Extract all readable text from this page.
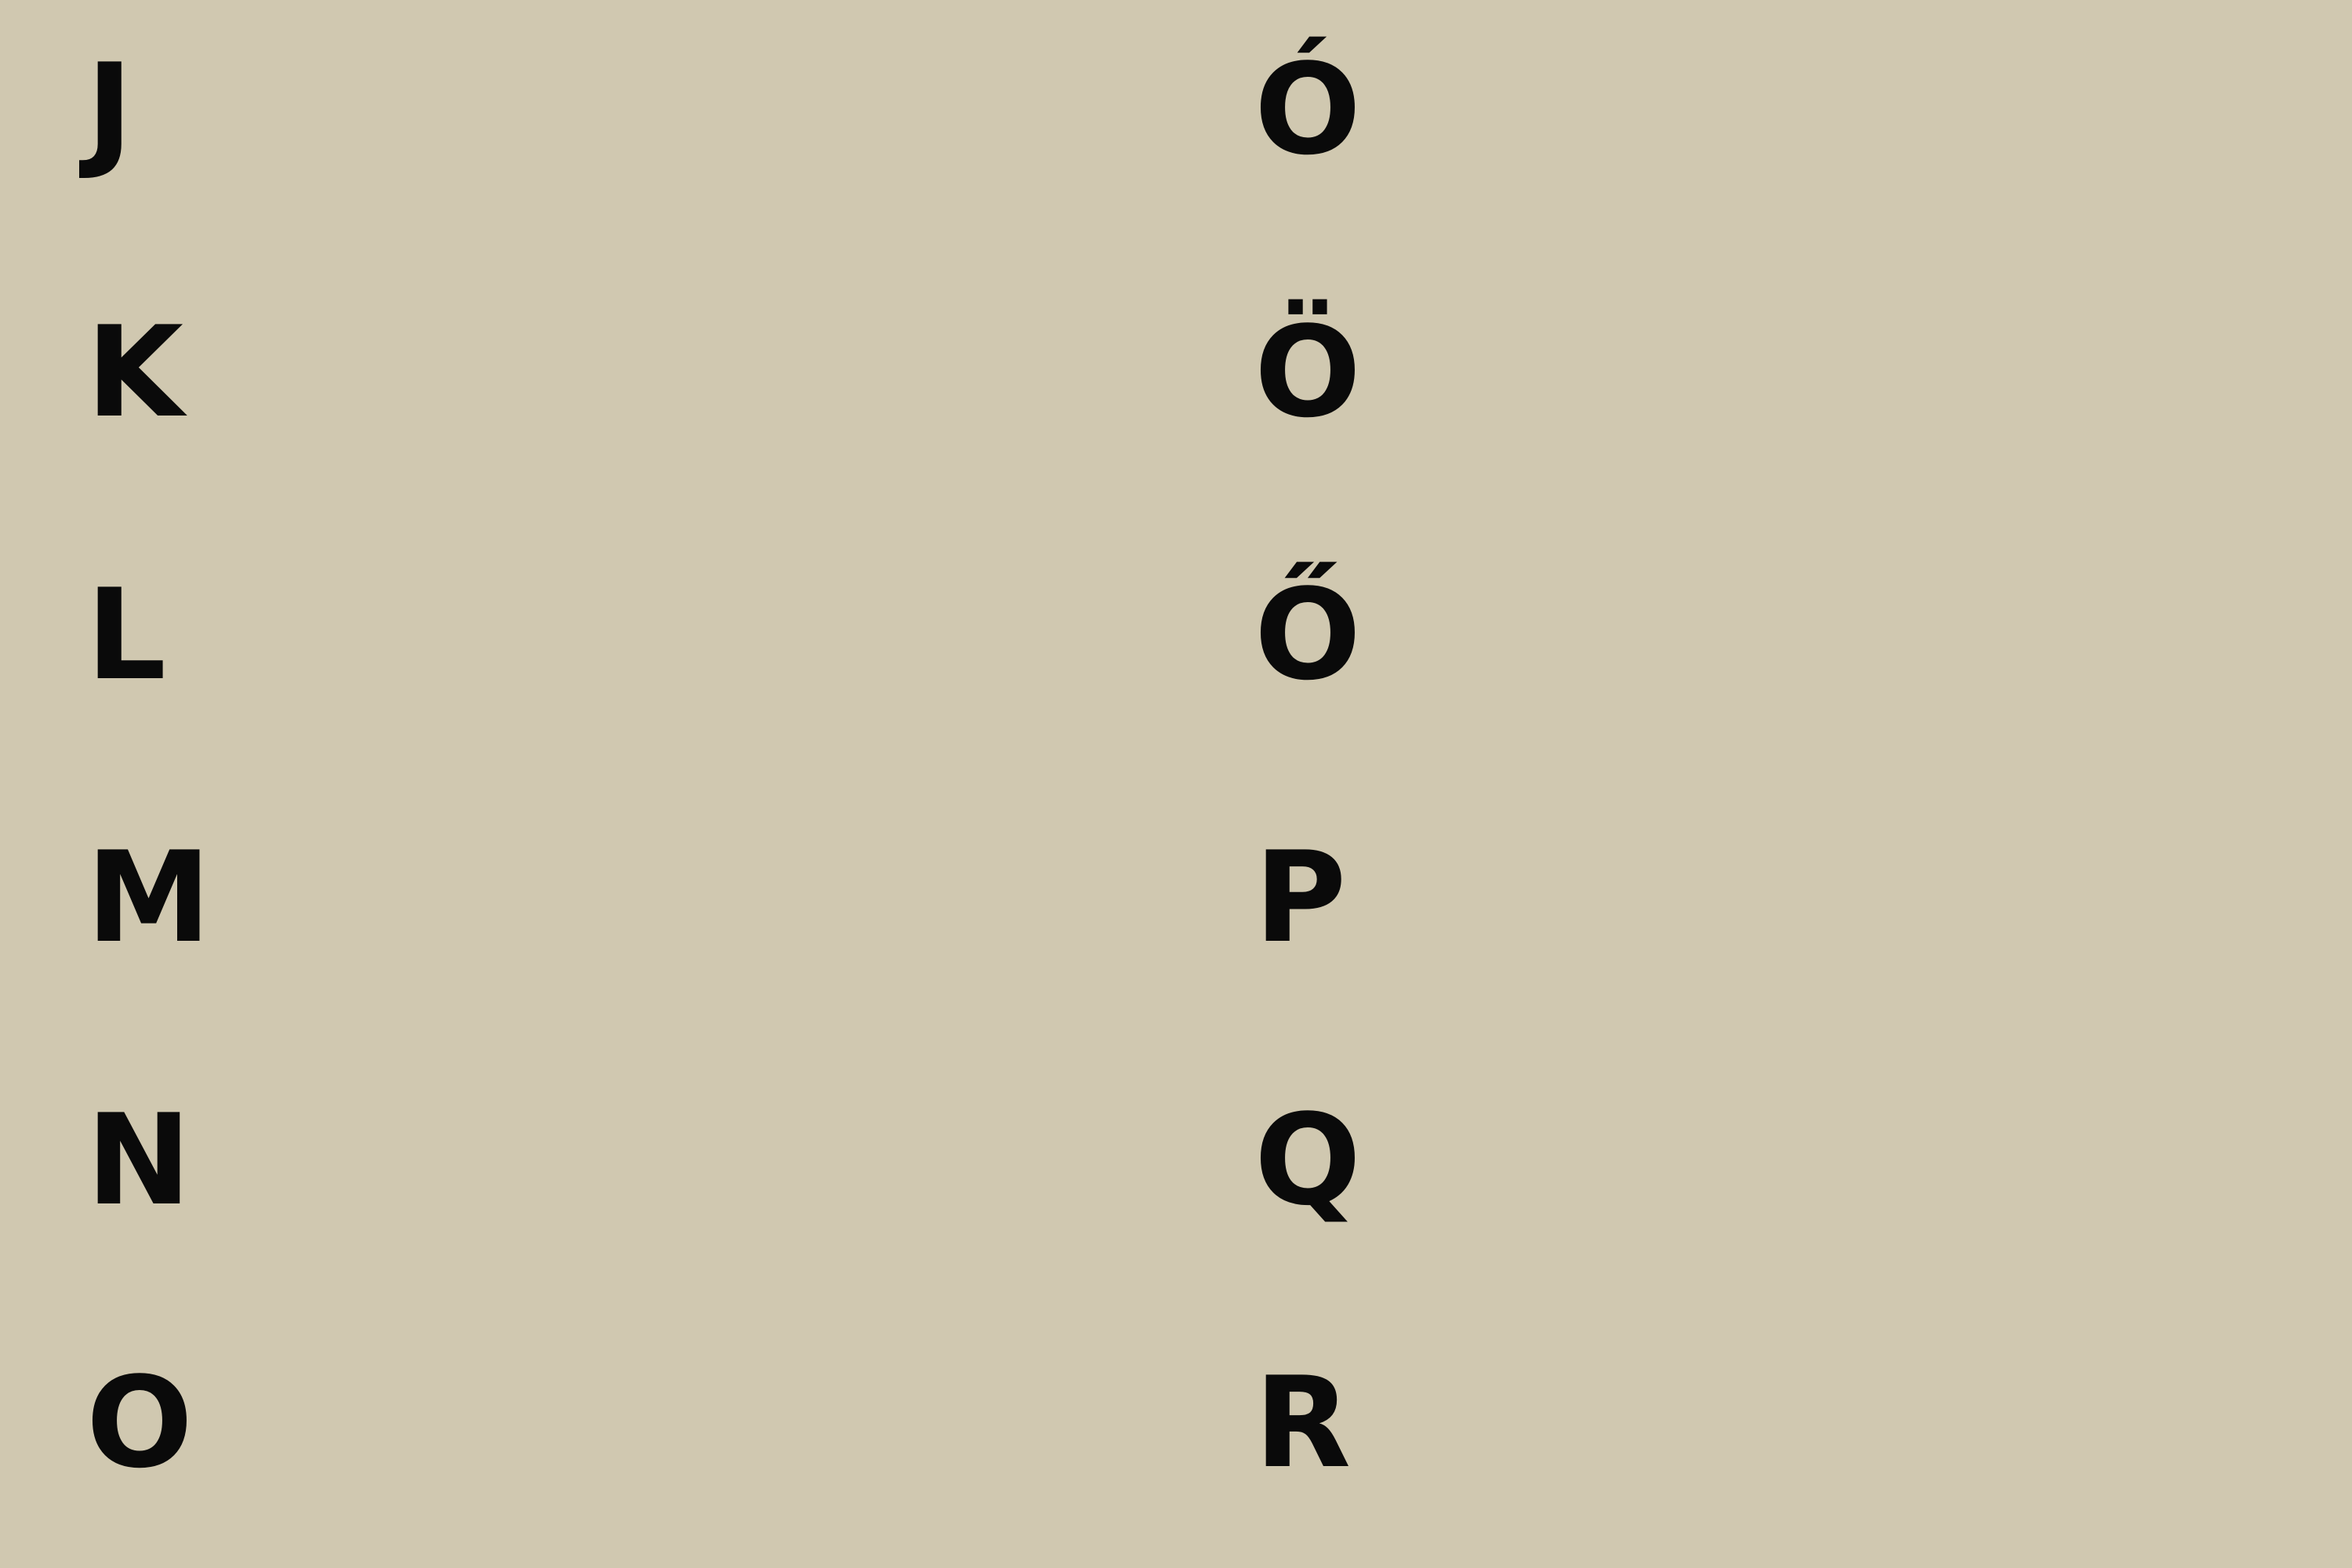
J
K
L
M
N
O
Ó
Ö
Ő
P
Q
R
